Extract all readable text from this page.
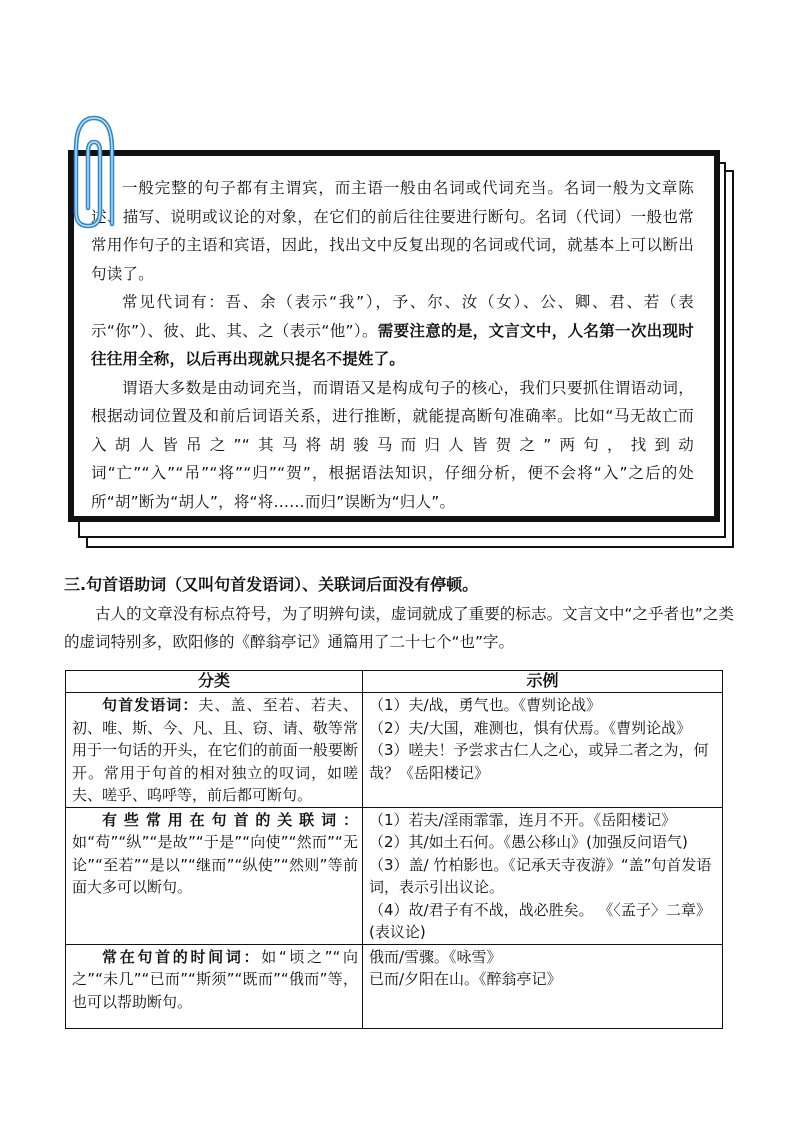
一般完整的句子都有主谓宾，而主语一般由名词或代词充当。名词一般为文章陈述、描写、说明或议论的对象，在它们的前后往往要进行断句。名词（代词）一般也常常用作句子的主语和宾语，因此，找出文中反复出现的名词或代词，就基本上可以断出句读了。

常见代词有：吾、余（表示“我”），予、尔、汝（女）、公、卿、君、若（表示“你”）、彼、此、其、之（表示“他”）。需要注意的是，文言文中，人名第一次出现时往往用全称，以后再出现就只提名不提姓了。

谓语大多数是由动词充当，而谓语又是构成句子的核心，我们只要抓住谓语动词，根据动词位置及和前后词语关系，进行推断，就能提高断句准确率。比如“马无故亡而入胡人皆吊之”“其马将胡骏马而归人皆贺之”两句，找到动词“亡”“入”“吊”“将”“归”“贺”，根据语法知识，仔细分析，便不会将“入”之后的处所“胡”断为“胡人”，将“将……而归”误断为“归人”。

三.句首语助词（又叫句首发语词）、关联词后面没有停顿。
古人的文章没有标点符号，为了明辨句读，虚词就成了重要的标志。文言文中“之乎者也”之类的虚词特别多，欧阳修的《醉翁亭记》通篇用了二十七个“也”字。
分类	示例
句首发语词：夫、盖、至若、若夫、初、唯、斯、今、凡、且、窃、请、敬等常用于一句话的开头，在它们的前面一般要断开。常用于句首的相对独立的叹词，如嗟夫、嗟乎、呜呼等，前后都可断句。	（1）夫/战，勇气也。《曹刿论战》
（2）夫/大国，难测也，惧有伏焉。《曹刿论战》
（3）嗟夫！予尝求古仁人之心，或异二者之为，何哉？《岳阳楼记》

有些常用在句首的关联词：如“苟”“纵”“是故”“于是”“向使”“然而”“无论”“至若”“是以”“继而”“纵使”“然则”等前面大多可以断句。	（1）若夫/淫雨霏霏，连月不开。《岳阳楼记》
（2）其/如土石何。《愚公移山》(加强反问语气)
（3）盖/ 竹柏影也。《记承天寺夜游》“盖”句首发语词，表示引出议论。
（4）故/君子有不战，战必胜矣。 《〈孟子〉二章》(表议论)

常在句首的时间词：如“顷之”“向之”“未几”“已而”“斯须”“既而”“俄而”等，也可以帮助断句。	俄而/雪骤。《咏雪》
已而/夕阳在山。《醉翁亭记》
